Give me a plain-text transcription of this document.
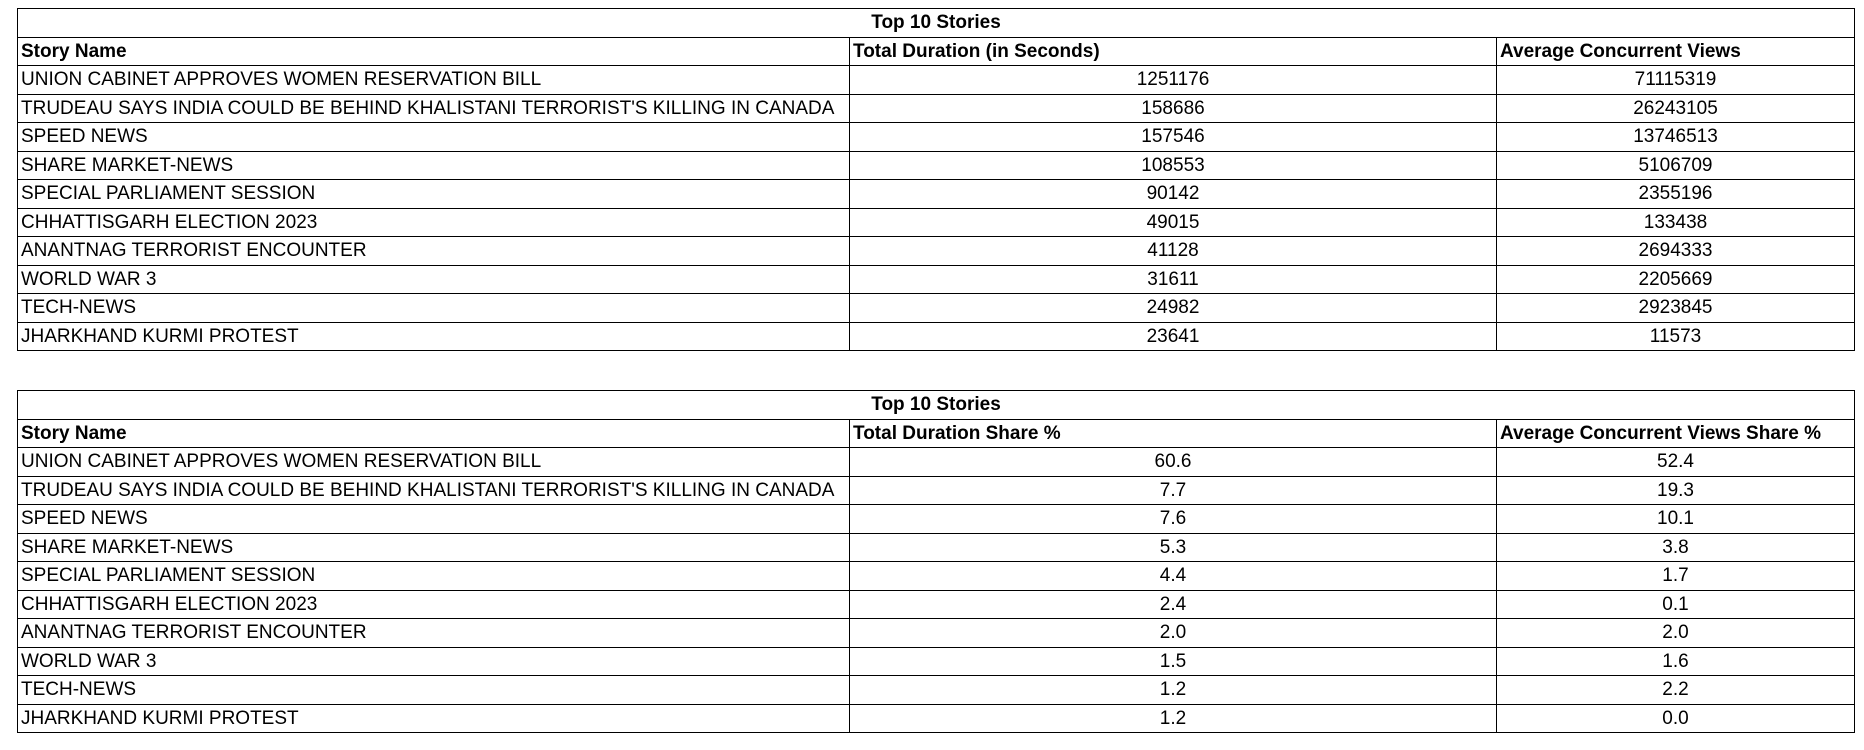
Top 10 Stories		
Story Name	Total Duration (in Seconds)	Average Concurrent Views
UNION CABINET APPROVES WOMEN RESERVATION BILL	1251176	71115319
TRUDEAU SAYS INDIA COULD BE BEHIND KHALISTANI TERRORIST'S KILLING IN CANADA	158686	26243105
SPEED NEWS	157546	13746513
SHARE MARKET-NEWS	108553	5106709
SPECIAL PARLIAMENT SESSION	90142	2355196
CHHATTISGARH ELECTION 2023	49015	133438
ANANTNAG TERRORIST ENCOUNTER	41128	2694333
WORLD WAR 3	31611	2205669
TECH-NEWS	24982	2923845
JHARKHAND KURMI PROTEST	23641	11573
Top 10 Stories		
Story Name	Total Duration Share %	Average Concurrent Views Share %
UNION CABINET APPROVES WOMEN RESERVATION BILL	60.6	52.4
TRUDEAU SAYS INDIA COULD BE BEHIND KHALISTANI TERRORIST'S KILLING IN CANADA	7.7	19.3
SPEED NEWS	7.6	10.1
SHARE MARKET-NEWS	5.3	3.8
SPECIAL PARLIAMENT SESSION	4.4	1.7
CHHATTISGARH ELECTION 2023	2.4	0.1
ANANTNAG TERRORIST ENCOUNTER	2.0	2.0
WORLD WAR 3	1.5	1.6
TECH-NEWS	1.2	2.2
JHARKHAND KURMI PROTEST	1.2	0.0
